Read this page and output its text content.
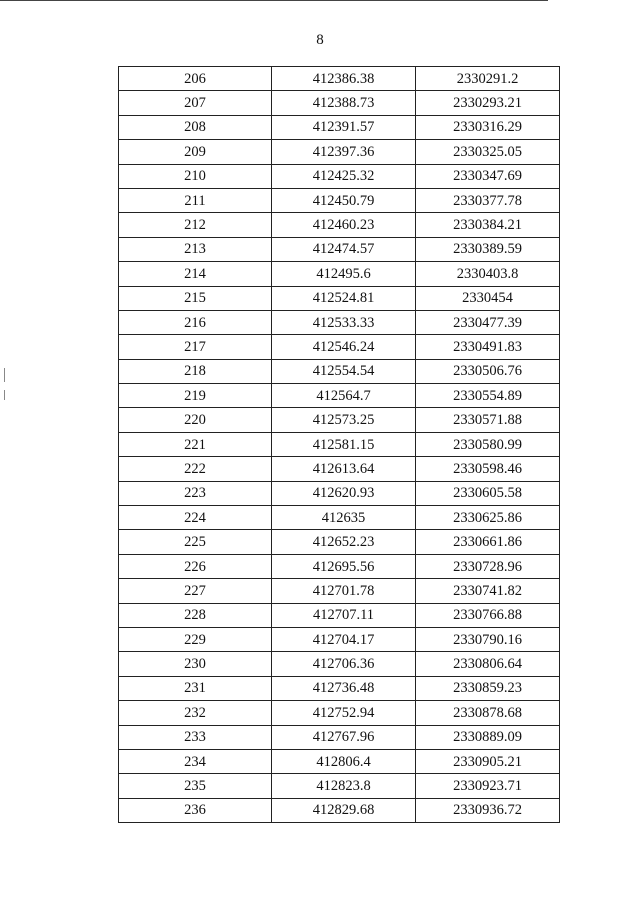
8
206	412386.38	2330291.2
207	412388.73	2330293.21
208	412391.57	2330316.29
209	412397.36	2330325.05
210	412425.32	2330347.69
211	412450.79	2330377.78
212	412460.23	2330384.21
213	412474.57	2330389.59
214	412495.6	2330403.8
215	412524.81	2330454
216	412533.33	2330477.39
217	412546.24	2330491.83
218	412554.54	2330506.76
219	412564.7	2330554.89
220	412573.25	2330571.88
221	412581.15	2330580.99
222	412613.64	2330598.46
223	412620.93	2330605.58
224	412635	2330625.86
225	412652.23	2330661.86
226	412695.56	2330728.96
227	412701.78	2330741.82
228	412707.11	2330766.88
229	412704.17	2330790.16
230	412706.36	2330806.64
231	412736.48	2330859.23
232	412752.94	2330878.68
233	412767.96	2330889.09
234	412806.4	2330905.21
235	412823.8	2330923.71
236	412829.68	2330936.72
